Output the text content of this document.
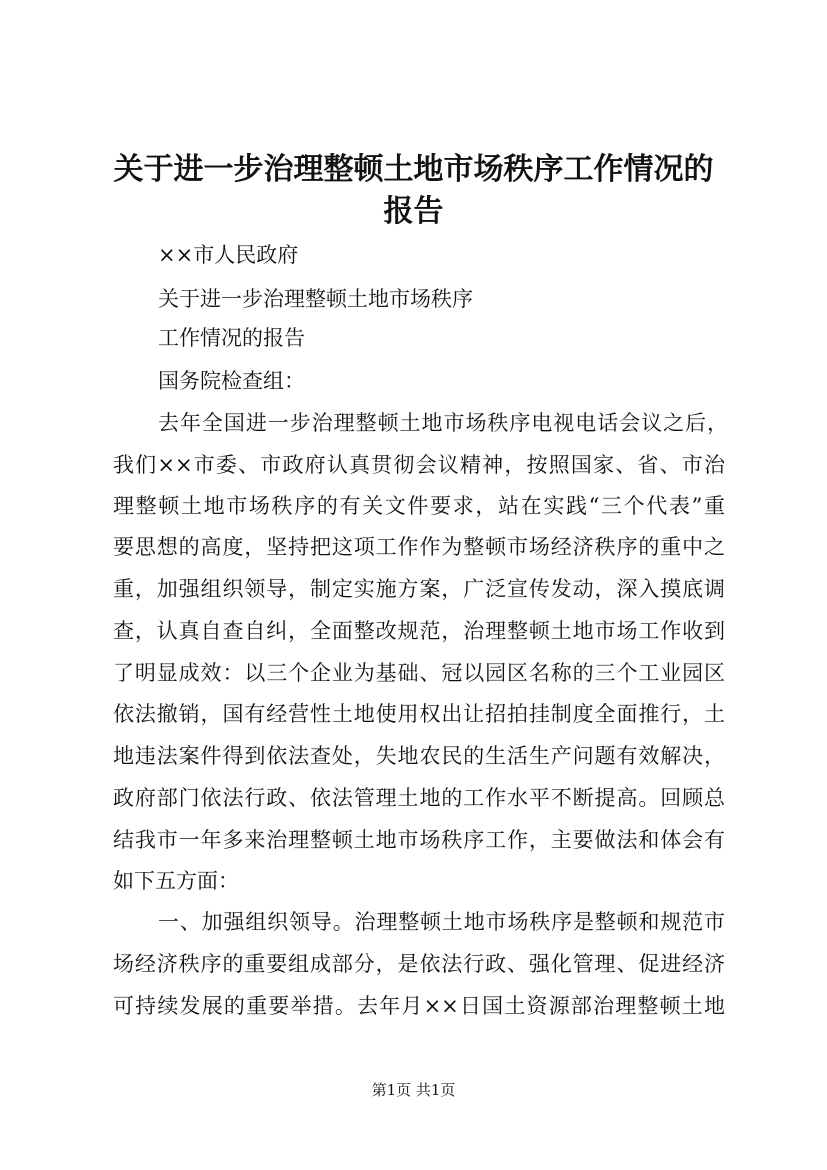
关于进一步治理整顿土地市场秩序工作情况的
报告

××市人民政府

关于进一步治理整顿土地市场秩序

工作情况的报告

国务院检查组：

去年全国进一步治理整顿土地市场秩序电视电话会议之后，

我们××市委、市政府认真贯彻会议精神，按照国家、省、市治

理整顿土地市场秩序的有关文件要求，站在实践“三个代表”重

要思想的高度，坚持把这项工作作为整顿市场经济秩序的重中之

重，加强组织领导，制定实施方案，广泛宣传发动，深入摸底调

查，认真自查自纠，全面整改规范，治理整顿土地市场工作收到

了明显成效：以三个企业为基础、冠以园区名称的三个工业园区

依法撤销，国有经营性土地使用权出让招拍挂制度全面推行，土

地违法案件得到依法查处，失地农民的生活生产问题有效解决，

政府部门依法行政、依法管理土地的工作水平不断提高。回顾总

结我市一年多来治理整顿土地市场秩序工作，主要做法和体会有

如下五方面：

一、加强组织领导。治理整顿土地市场秩序是整顿和规范市

场经济秩序的重要组成部分，是依法行政、强化管理、促进经济

可持续发展的重要举措。去年月××日国土资源部治理整顿土地

第1页 共1页
